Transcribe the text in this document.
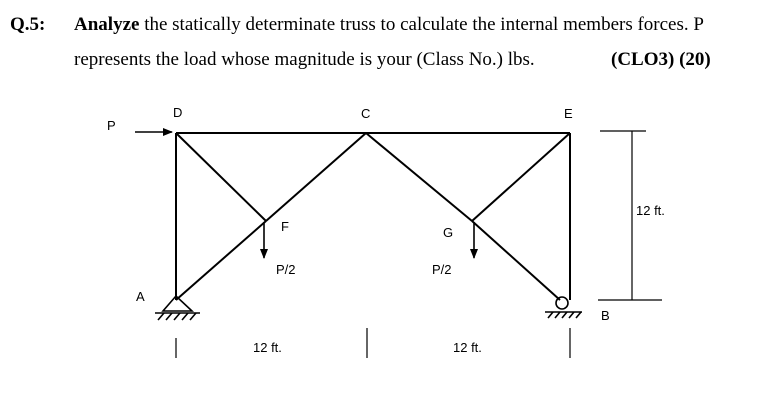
Q.5: Analyze the statically determinate truss to calculate the internal members forces. P
represents the load whose magnitude is your (Class No.) lbs.	(CLO3) (20)
P
D	C	E
F	G
A
B
P/2	P/2
12 ft.
12 ft.	12 ft.
